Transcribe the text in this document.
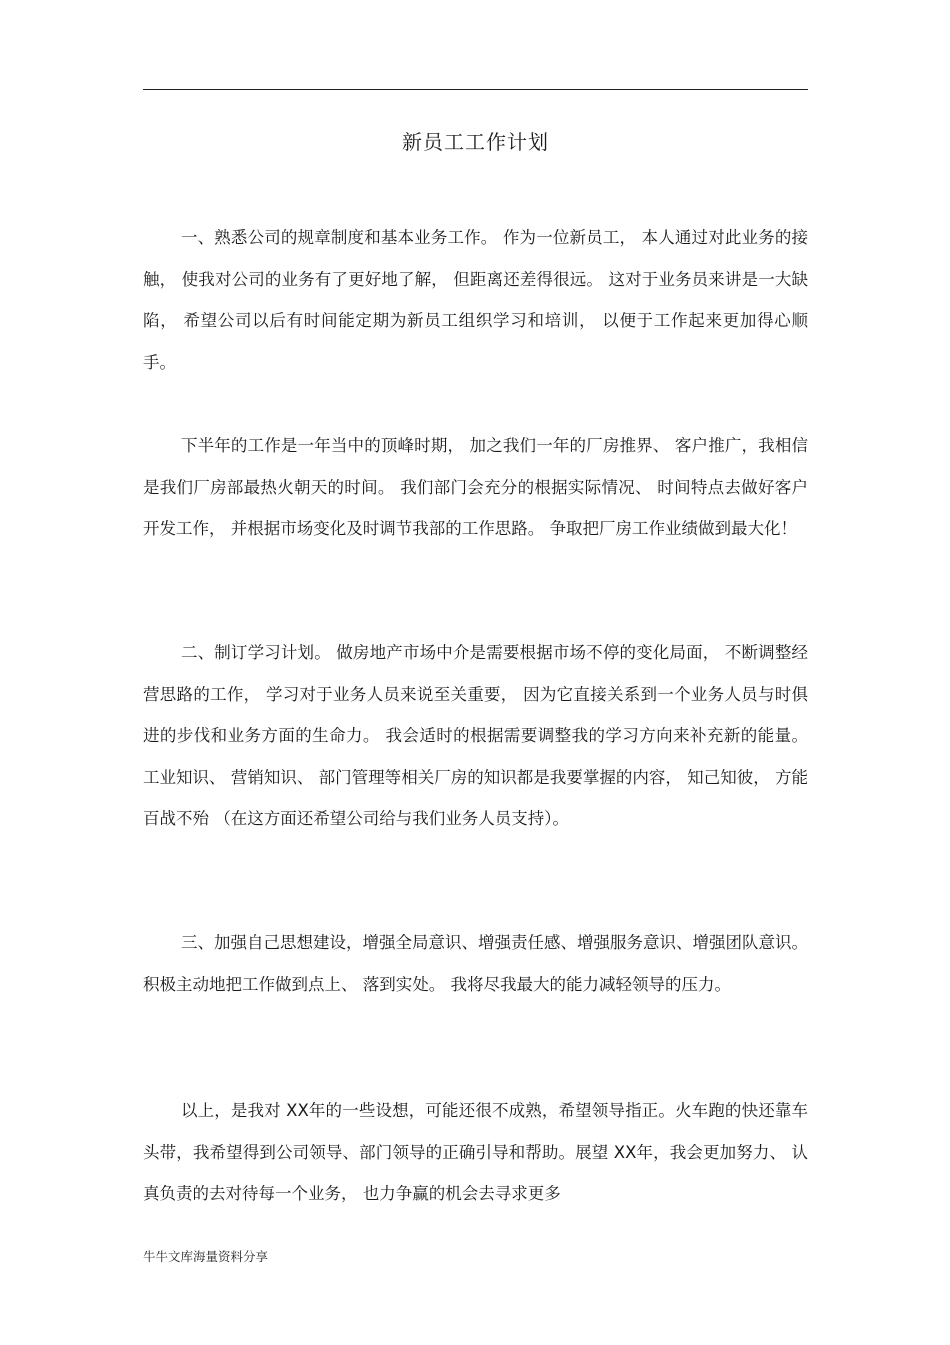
新员工工作计划

一、熟悉公司的规章制度和基本业务工作。 作为一位新员工， 本人通过对此业务的接触， 使我对公司的业务有了更好地了解， 但距离还差得很远。 这对于业务员来讲是一大缺陷， 希望公司以后有时间能定期为新员工组织学习和培训， 以便于工作起来更加得心顺手。

下半年的工作是一年当中的顶峰时期， 加之我们一年的厂房推界、 客户推广，我相信是我们厂房部最热火朝天的时间。 我们部门会充分的根据实际情况、 时间特点去做好客户开发工作， 并根据市场变化及时调节我部的工作思路。 争取把厂房工作业绩做到最大化！

二、制订学习计划。 做房地产市场中介是需要根据市场不停的变化局面， 不断调整经营思路的工作， 学习对于业务人员来说至关重要， 因为它直接关系到一个业务人员与时俱进的步伐和业务方面的生命力。 我会适时的根据需要调整我的学习方向来补充新的能量。 工业知识、 营销知识、 部门管理等相关厂房的知识都是我要掌握的内容， 知己知彼， 方能百战不殆 （在这方面还希望公司给与我们业务人员支持）。

三、加强自己思想建设，增强全局意识、增强责任感、增强服务意识、增强团队意识。 积极主动地把工作做到点上、 落到实处。 我将尽我最大的能力减轻领导的压力。

以上，是我对 XX年的一些设想，可能还很不成熟，希望领导指正。火车跑的快还靠车头带，我希望得到公司领导、部门领导的正确引导和帮助。展望 XX年，我会更加努力、 认真负责的去对待每一个业务， 也力争赢的机会去寻求更多

牛牛文库海量资料分享
